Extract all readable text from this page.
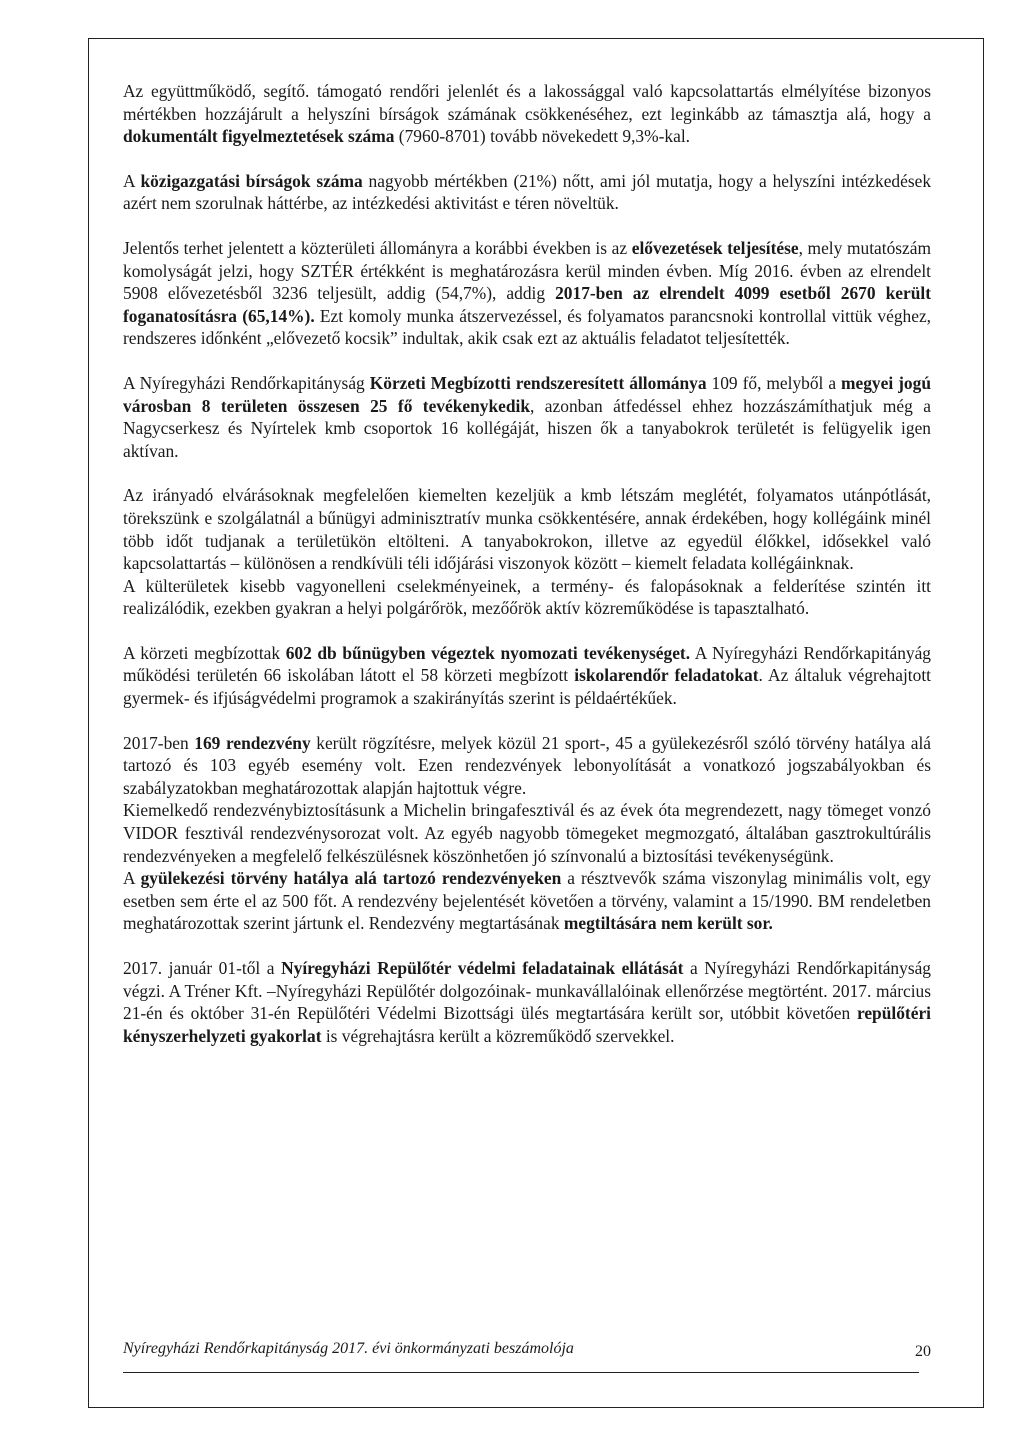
Az együttműködő, segítő. támogató rendőri jelenlét és a lakossággal való kapcsolattartás elmélyítése bizonyos mértékben hozzájárult a helyszíni bírságok számának csökkenéséhez, ezt leginkább az támasztja alá, hogy a dokumentált figyelmeztetések száma (7960-8701) tovább növekedett 9,3%-kal.

A közigazgatási bírságok száma nagyobb mértékben (21%) nőtt, ami jól mutatja, hogy a helyszíni intézkedések azért nem szorulnak háttérbe, az intézkedési aktivitást e téren növeltük.

Jelentős terhet jelentett a közterületi állományra a korábbi években is az elővezetések teljesítése, mely mutatószám komolyságát jelzi, hogy SZTÉR értékként is meghatározásra kerül minden évben. Míg 2016. évben az elrendelt 5908 elővezetésből 3236 teljesült, addig (54,7%), addig 2017-ben az elrendelt 4099 esetből 2670 került foganatosításra (65,14%). Ezt komoly munka átszervezéssel, és folyamatos parancsnoki kontrollal vittük véghez, rendszeres időnként „elővezető kocsik” indultak, akik csak ezt az aktuális feladatot teljesítették.

A Nyíregyházi Rendőrkapitányság Körzeti Megbízotti rendszeresített állománya 109 fő, melyből a megyei jogú városban 8 területen összesen 25 fő tevékenykedik, azonban átfedéssel ehhez hozzászámíthatjuk még a Nagycserkesz és Nyírtelek kmb csoportok 16 kollégáját, hiszen ők a tanyabokrok területét is felügyelik igen aktívan.

Az irányadó elvárásoknak megfelelően kiemelten kezeljük a kmb létszám meglétét, folyamatos utánpótlását, törekszünk e szolgálatnál a bűnügyi adminisztratív munka csökkentésére, annak érdekében, hogy kollégáink minél több időt tudjanak a területükön eltölteni. A tanyabokrokon, illetve az egyedül élőkkel, idősekkel való kapcsolattartás – különösen a rendkívüli téli időjárási viszonyok között – kiemelt feladata kollégáinknak.

A külterületek kisebb vagyonelleni cselekményeinek, a termény- és falopásoknak a felderítése szintén itt realizálódik, ezekben gyakran a helyi polgárőrök, mezőőrök aktív közreműködése is tapasztalható.

A körzeti megbízottak 602 db bűnügyben végeztek nyomozati tevékenységet. A Nyíregyházi Rendőrkapitányág működési területén 66 iskolában látott el 58 körzeti megbízott iskolarendőr feladatokat. Az általuk végrehajtott gyermek- és ifjúságvédelmi programok a szakirányítás szerint is példaértékűek.

2017-ben 169 rendezvény került rögzítésre, melyek közül 21 sport-, 45 a gyülekezésről szóló törvény hatálya alá tartozó és 103 egyéb esemény volt. Ezen rendezvények lebonyolítását a vonatkozó jogszabályokban és szabályzatokban meghatározottak alapján hajtottuk végre.

Kiemelkedő rendezvénybiztosításunk a Michelin bringafesztivál és az évek óta megrendezett, nagy tömeget vonzó VIDOR fesztivál rendezvénysorozat volt. Az egyéb nagyobb tömegeket megmozgató, általában gasztrokultúrális rendezvényeken a megfelelő felkészülésnek köszönhetően jó színvonalú a biztosítási tevékenységünk.

A gyülekezési törvény hatálya alá tartozó rendezvényeken a résztvevők száma viszonylag minimális volt, egy esetben sem érte el az 500 főt. A rendezvény bejelentését követően a törvény, valamint a 15/1990. BM rendeletben meghatározottak szerint jártunk el. Rendezvény megtartásának megtiltására nem került sor.

2017. január 01-től a Nyíregyházi Repülőtér védelmi feladatainak ellátását a Nyíregyházi Rendőrkapitányság végzi. A Tréner Kft. –Nyíregyházi Repülőtér dolgozóinak- munkavállalóinak ellenőrzése megtörtént. 2017. március 21-én és október 31-én Repülőtéri Védelmi Bizottsági ülés megtartására került sor, utóbbit követően repülőtéri kényszerhelyzeti gyakorlat is végrehajtásra került a közreműködő szervekkel.

Nyíregyházi Rendőrkapitányság 2017. évi önkormányzati beszámolója	20
